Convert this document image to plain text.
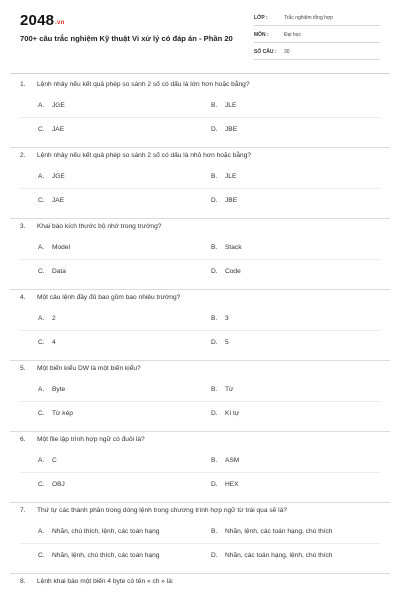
2048.vn
700+ câu trắc nghiệm Kỹ thuật Vi xử lý có đáp án - Phần 20
LỚP :	Trắc nghiệm tổng hợp
MÔN :	Đại học
SỐ CÂU : 30
1. Lệnh nhảy nếu kết quả phép so sánh 2 số có dấu là lớn hơn hoặc bằng?
A. JGE	B. JLE
C. JAE	D. JBE
2. Lệnh nhảy nếu kết quả phép so sánh 2 số có dấu là nhỏ hơn hoặc bằng?
A. JGE	B. JLE
C. JAE	D. JBE
3. Khai báo kích thước bộ nhớ trong trường?
A. Model	B. Stack
C. Data	D. Code
4. Một câu lệnh đầy đủ bao gồm bao nhiêu trường?
A. 2	B. 3
C. 4	D. 5
5. Một biến kiểu DW là một biến kiểu?
A. Byte	B. Từ
C. Từ kép	D. Kí tự
6. Một file lập trình hợp ngữ có đuôi là?
A. C	B. ASM
C. OBJ	D. HEX
7. Thứ tự các thành phần trong dòng lệnh trong chương trình hợp ngữ từ trái qua sẽ là?
A. Nhãn, chú thích, lệnh, các toán hạng	B. Nhãn, lệnh, các toán hạng, chú thích
C. Nhãn, lệnh, chú thích, các toán hạng	D. Nhãn, các toán hạng, lệnh, chú thích
8. Lệnh khai báo một biến 4 byte có tên « ch » là:
